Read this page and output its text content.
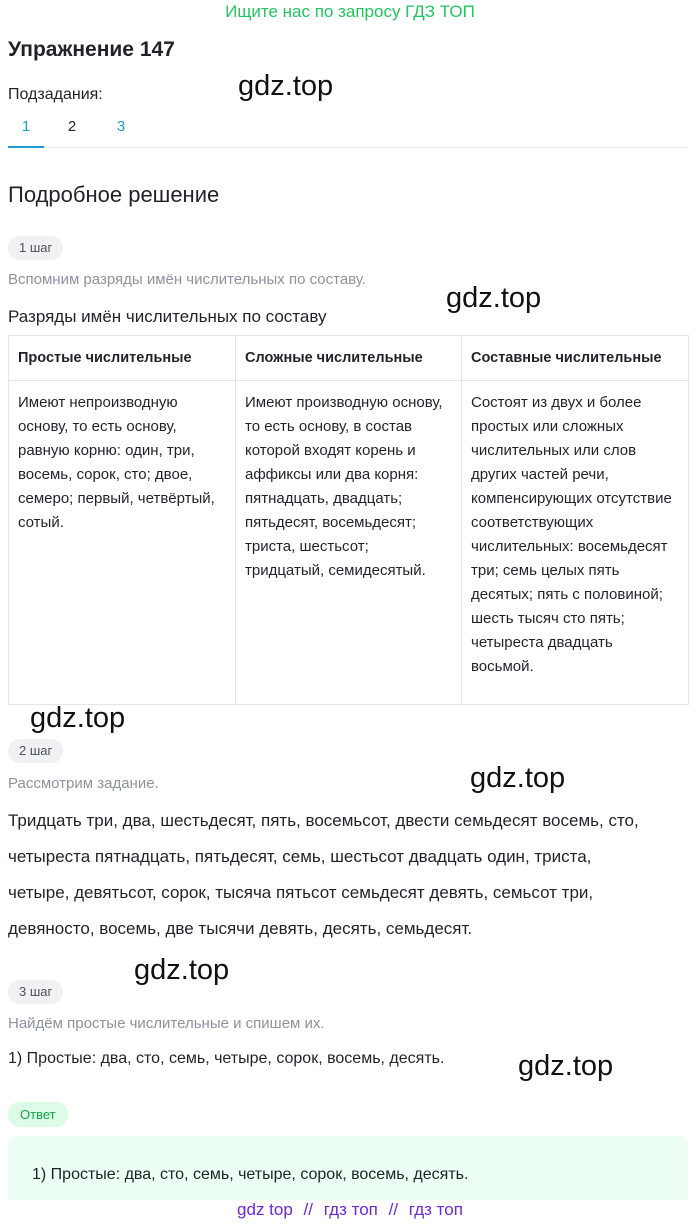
Ищите нас по запросу ГДЗ ТОП
Упражнение 147
Подзадания:	gdz.top
1	2	3
Подробное решение
1 шаг
Вспомним разряды имён числительных по составу.
gdz.top
Разряды имён числительных по составу
Простые числительные	Сложные числительные	Составные числительные
Имеют непроизводную основу, то есть основу, равную корню: один, три, восемь, сорок, сто; двое, семеро; первый, четвёртый, сотый.	Имеют производную основу, то есть основу, в состав которой входят корень и аффиксы или два корня: пятнадцать, двадцать; пятьдесят, восемьдесят; триста, шестьсот; тридцатый, семидесятый.	Состоят из двух и более простых или сложных числительных или слов других частей речи, компенсирующих отсутствие соответствующих числительных: восемьдесят три; семь целых пять десятых; пять с половиной; шесть тысяч сто пять; четыреста двадцать восьмой.
gdz.top
2 шаг
Рассмотрим задание.	gdz.top
Тридцать три, два, шестьдесят, пять, восемьсот, двести семьдесят восемь, сто,
четыреста пятнадцать, пятьдесят, семь, шестьсот двадцать один, триста,
четыре, девятьсот, сорок, тысяча пятьсот семьдесят девять, семьсот три,
девяносто, восемь, две тысячи девять, десять, семьдесят.
gdz.top
3 шаг
Найдём простые числительные и спишем их.
1) Простые: два, сто, семь, четыре, сорок, восемь, десять.	gdz.top
Ответ
1) Простые: два, сто, семь, четыре, сорок, восемь, десять.
gdz top // гдз топ // гдз топ
